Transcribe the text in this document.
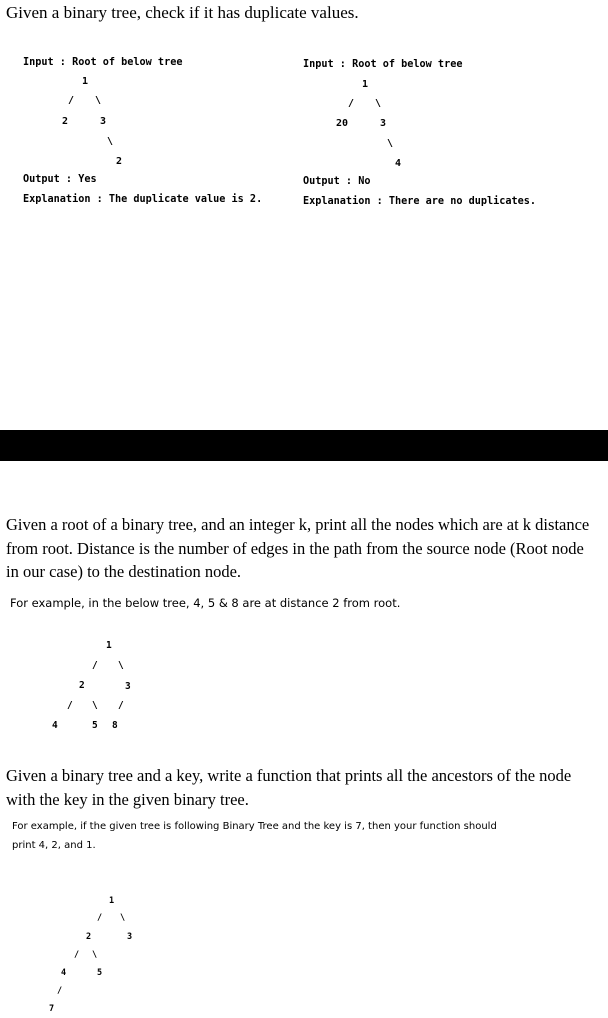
Given a binary tree, check if it has duplicate values.
Input : Root of below tree
1
/ \
2	3
\
2
Output : Yes
Explanation : The duplicate value is 2.
Input : Root of below tree
1
/ \
20	3
\
4
Output : No
Explanation : There are no duplicates.
Given a root of a binary tree, and an integer k, print all the nodes which are at k distance
from root. Distance is the number of edges in the path from the source node (Root node
in our case) to the destination node.
For example, in the below tree, 4, 5 & 8 are at distance 2 from root.
1
/ \
2	3
/ \ /
4	5 8
Given a binary tree and a key, write a function that prints all the ancestors of the node
with the key in the given binary tree.
For example, if the given tree is following Binary Tree and the key is 7, then your function should
print 4, 2, and 1.
1
/ \
2	3
/ \
4	5
/
7
